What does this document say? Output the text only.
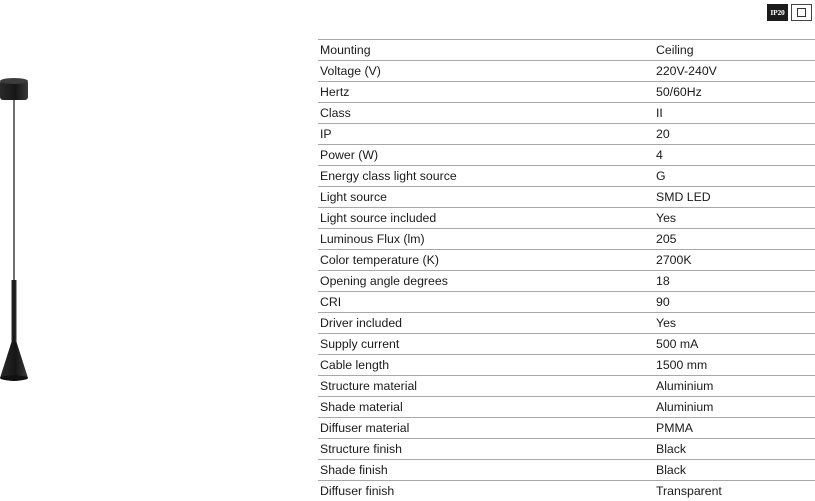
IP20
Mounting	Ceiling
Voltage (V)	220V-240V
Hertz	50/60Hz
Class	II
IP	20
Power (W)	4
Energy class light source	G
Light source	SMD LED
Light source included	Yes
Luminous Flux (lm)	205
Color temperature (K)	2700K
Opening angle degrees	18
CRI	90
Driver included	Yes
Supply current	500 mA
Cable length	1500 mm
Structure material	Aluminium
Shade material	Aluminium
Diffuser material	PMMA
Structure finish	Black
Shade finish	Black
Diffuser finish	Transparent
